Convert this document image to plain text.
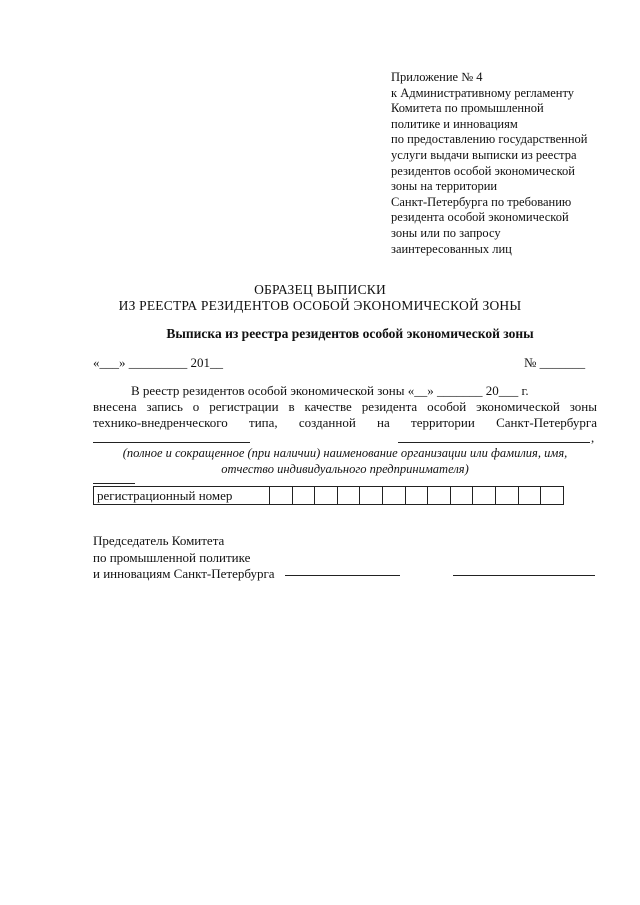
Приложение № 4
к Административному регламенту
Комитета по промышленной
политике и инновациям
по предоставлению государственной
услуги выдачи выписки из реестра
резидентов особой экономической
зоны на территории
Санкт-Петербурга по требованию
резидента особой экономической
зоны или по запросу
заинтересованных лиц
ОБРАЗЕЦ ВЫПИСКИ
ИЗ РЕЕСТРА РЕЗИДЕНТОВ ОСОБОЙ ЭКОНОМИЧЕСКОЙ ЗОНЫ
Выписка из реестра резидентов особой экономической зоны
«___» _________ 201__	№ _______
В реестр резидентов особой экономической зоны «__» _______ 20___ г.
внесена запись о регистрации в качестве резидента особой экономической зоны
технико-внедренческого типа, созданной на территории Санкт-Петербурга
,
(полное и сокращенное (при наличии) наименование организации или фамилия, имя,
отчество индивидуального предпринимателя)
регистрационный номер
Председатель Комитета
по промышленной политике
и инновациям Санкт-Петербурга
